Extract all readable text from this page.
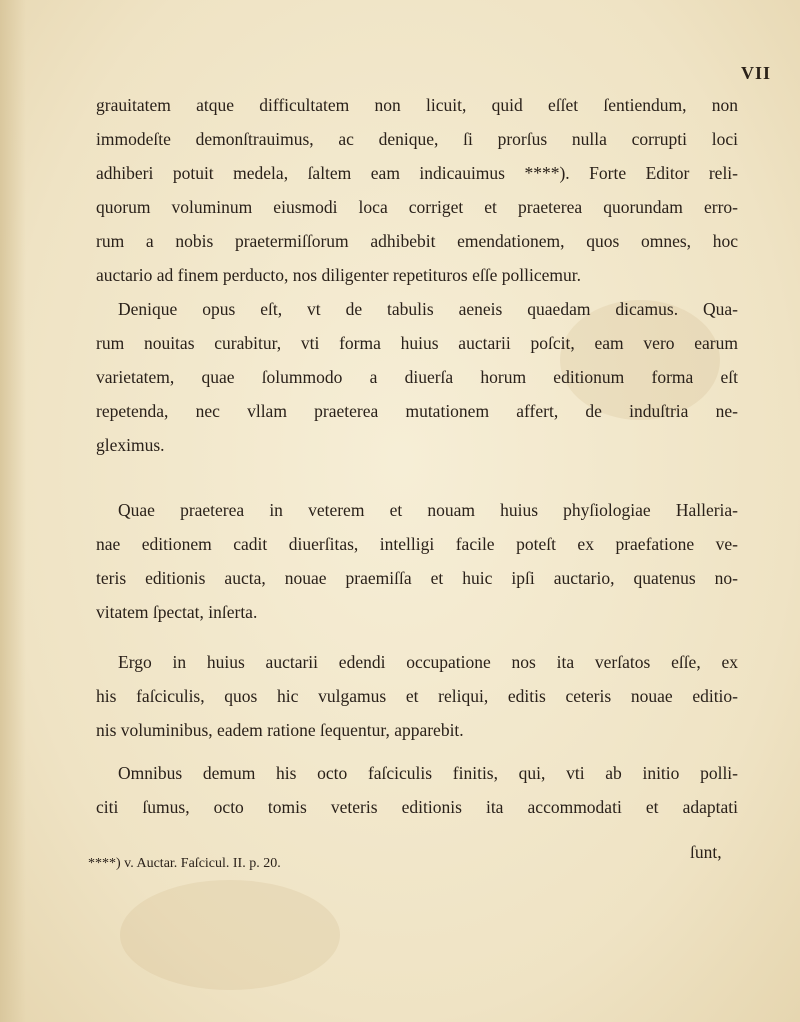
VII
grauitatem atque difficultatem non licuit, quid eſſet ſentiendum, non
immodeſte demonſtrauimus, ac denique, ſi prorſus nulla corrupti loci
adhiberi potuit medela, ſaltem eam indicauimus ****). Forte Editor reli-
quorum voluminum eiusmodi loca corriget et praeterea quorundam erro-
rum a nobis praetermiſſorum adhibebit emendationem, quos omnes, hoc
auctario ad finem perducto, nos diligenter repetituros eſſe pollicemur.
Denique opus eſt, vt de tabulis aeneis quaedam dicamus. Qua-
rum nouitas curabitur, vti forma huius auctarii poſcit, eam vero earum
varietatem, quae ſolummodo a diuerſa horum editionum forma eſt
repetenda, nec vllam praeterea mutationem affert, de induſtria ne-
gleximus.
Quae praeterea in veterem et nouam huius phyſiologiae Halleria-
nae editionem cadit diuerſitas, intelligi facile poteſt ex praefatione ve-
teris editionis aucta, nouae praemiſſa et huic ipſi auctario, quatenus no-
vitatem ſpectat, inſerta.
Ergo in huius auctarii edendi occupatione nos ita verſatos eſſe, ex
his faſciculis, quos hic vulgamus et reliqui, editis ceteris nouae editio-
nis voluminibus, eadem ratione ſequentur, apparebit.
Omnibus demum his octo faſciculis finitis, qui, vti ab initio polli-
citi ſumus, octo tomis veteris editionis ita accommodati et adaptati
ſunt,
****) v. Auctar. Faſcicul. II. p. 20.
